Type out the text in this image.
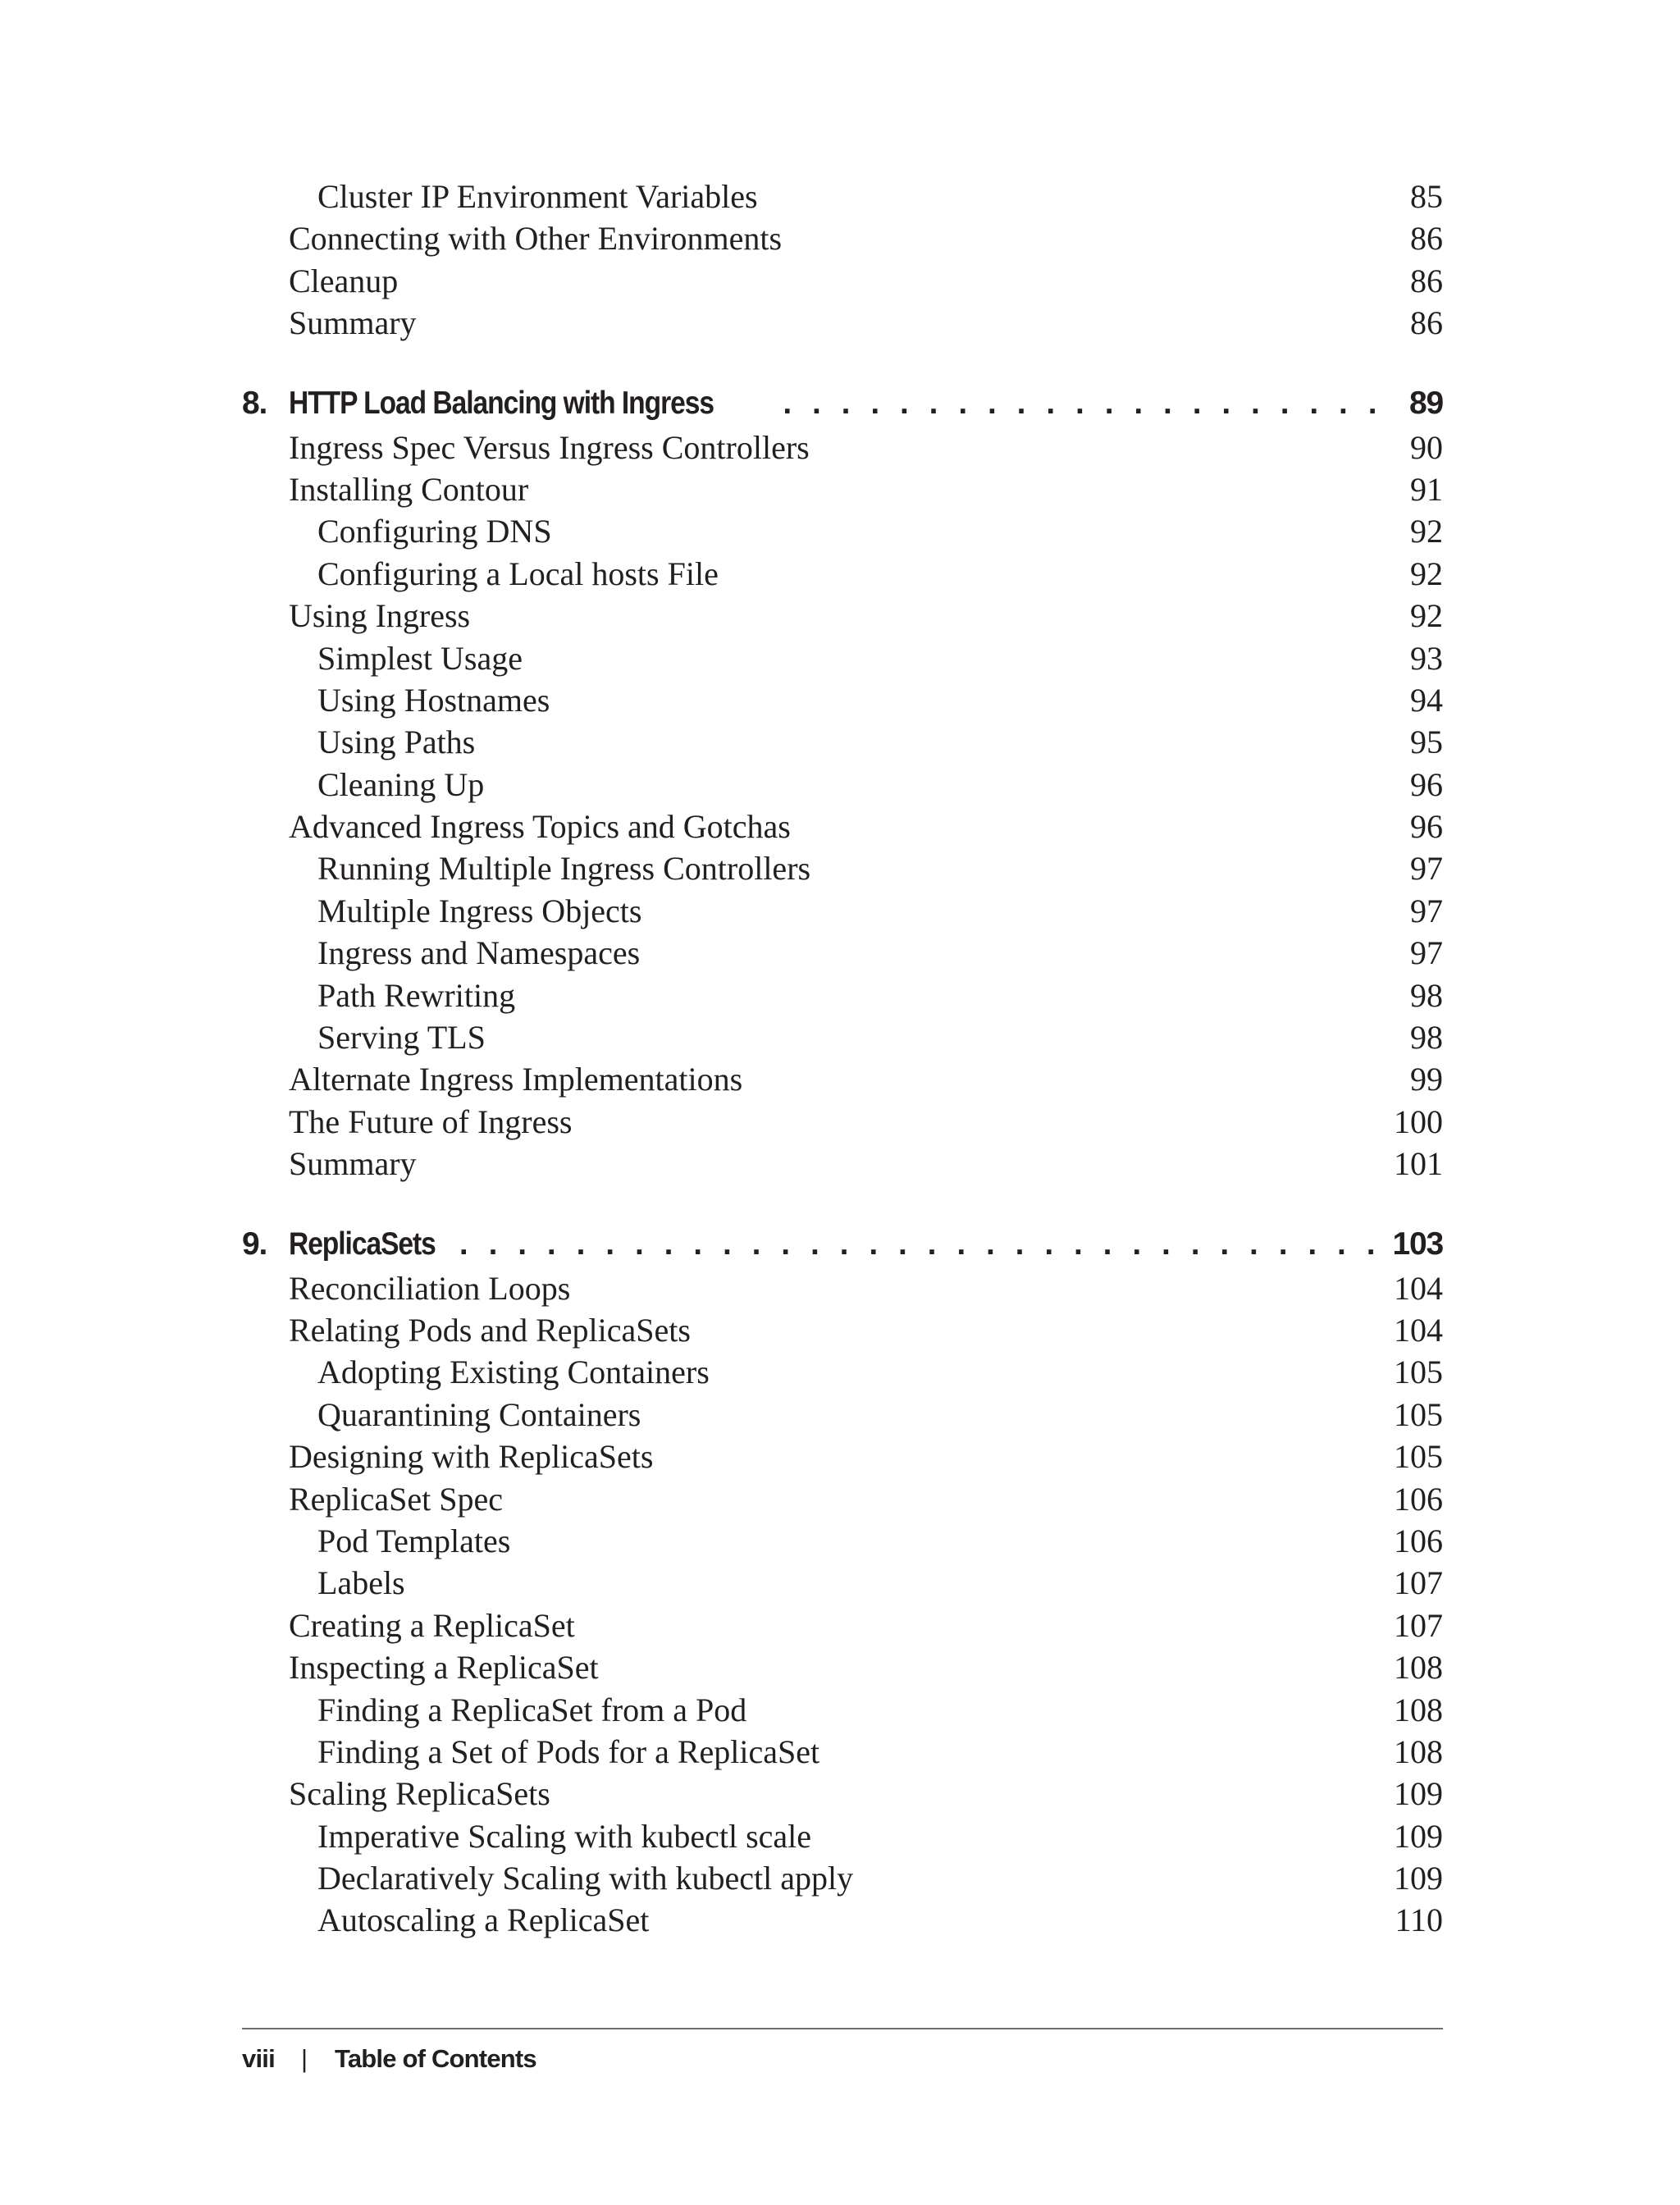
Cluster IP Environment Variables	85
Connecting with Other Environments	86
Cleanup	86
Summary	86
8. HTTP Load Balancing with Ingress . . .	89
Ingress Spec Versus Ingress Controllers	90
Installing Contour	91
Configuring DNS	92
Configuring a Local hosts File	92
Using Ingress	92
Simplest Usage	93
Using Hostnames	94
Using Paths	95
Cleaning Up	96
Advanced Ingress Topics and Gotchas	96
Running Multiple Ingress Controllers	97
Multiple Ingress Objects	97
Ingress and Namespaces	97
Path Rewriting	98
Serving TLS	98
Alternate Ingress Implementations	99
The Future of Ingress	100
Summary	101
9. ReplicaSets . . .	103
Reconciliation Loops	104
Relating Pods and ReplicaSets	104
Adopting Existing Containers	105
Quarantining Containers	105
Designing with ReplicaSets	105
ReplicaSet Spec	106
Pod Templates	106
Labels	107
Creating a ReplicaSet	107
Inspecting a ReplicaSet	108
Finding a ReplicaSet from a Pod	108
Finding a Set of Pods for a ReplicaSet	108
Scaling ReplicaSets	109
Imperative Scaling with kubectl scale	109
Declaratively Scaling with kubectl apply	109
Autoscaling a ReplicaSet	110
viii | Table of Contents
